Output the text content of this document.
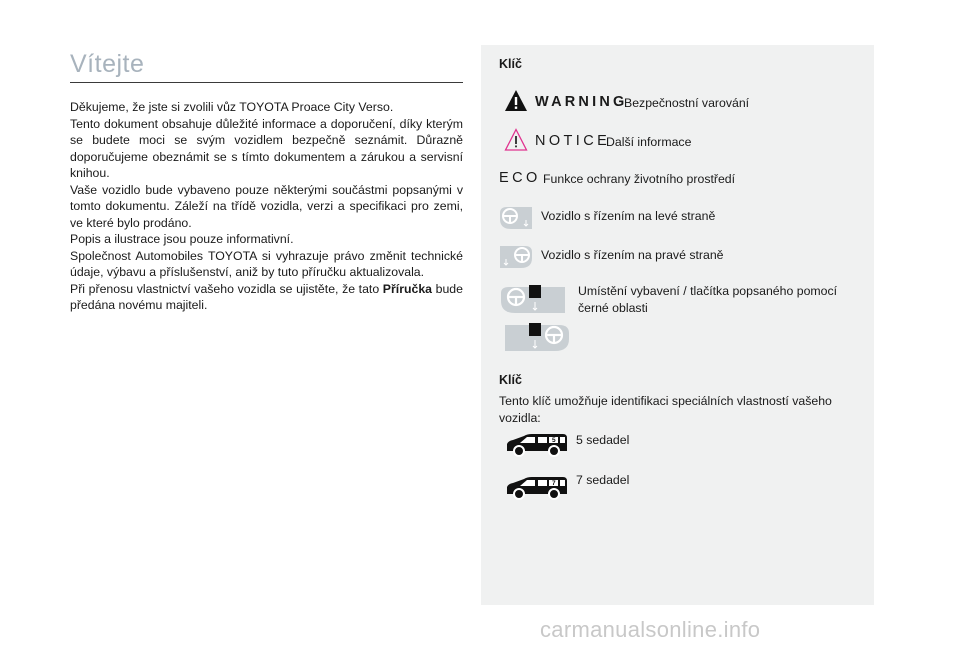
Vítejte

Děkujeme, že jste si zvolili vůz TOYOTA Proace City Verso.

Tento dokument obsahuje důležité informace a doporučení, díky kterým se budete moci se svým vozidlem bezpečně seznámit. Důrazně doporučujeme obeznámit se s tímto dokumentem a zárukou a servisní knihou.

Vaše vozidlo bude vybaveno pouze některými součástmi popsanými v tomto dokumentu. Záleží na třídě vozidla, verzi a specifikaci pro zemi, ve které bylo prodáno.

Popis a ilustrace jsou pouze informativní.

Společnost Automobiles TOYOTA si vyhrazuje právo změnit technické údaje, výbavu a příslušenství, aniž by tuto příručku aktualizovala.

Při přenosu vlastnictví vašeho vozidla se ujistěte, že tato Příručka bude předána novému majiteli.

Klíč
WARNING
Bezpečnostní varování
NOTICE
Další informace
ECO Funkce ochrany životního prostředí
Vozidlo s řízením na levé straně
Vozidlo s řízením na pravé straně
Umístění vybavení / tlačítka popsaného pomocí
černé oblasti
Klíč
Tento klíč umožňuje identifikaci speciálních vlastností vašeho vozidla:
5 5 sedadel
7 7 sedadel
carmanualsonline.info
